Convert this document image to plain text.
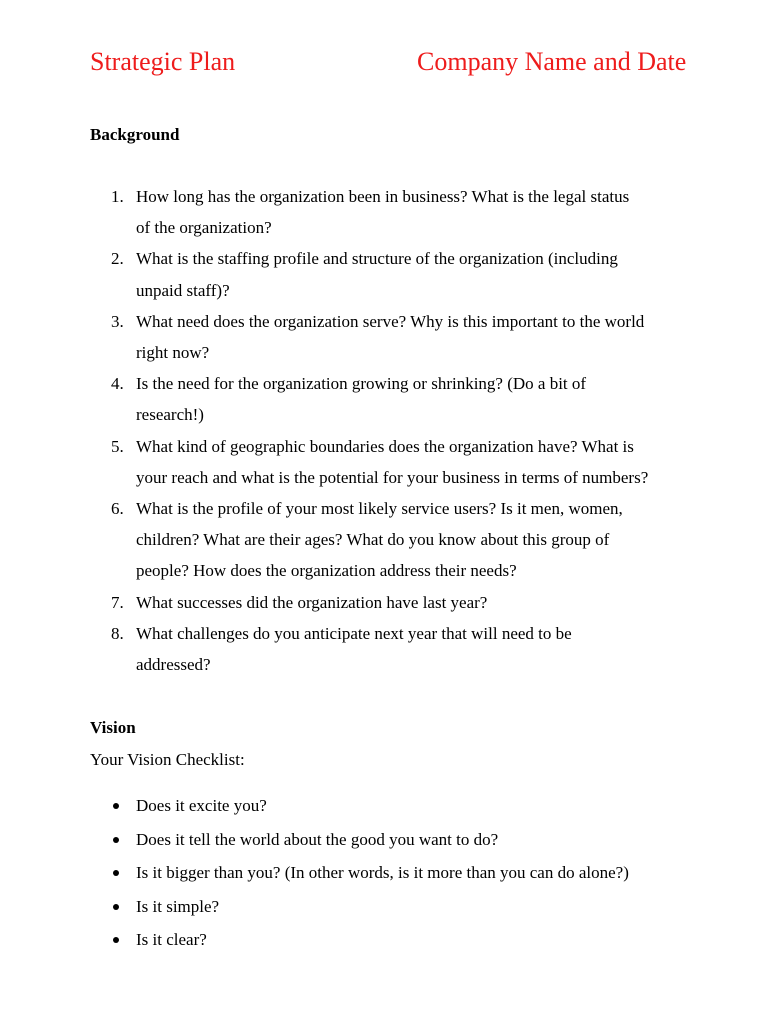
Strategic Plan	Company Name and Date
Background
1. How long has the organization been in business? What is the legal status
of the organization?
2. What is the staffing profile and structure of the organization (including
unpaid staff)?
3. What need does the organization serve? Why is this important to the world
right now?
4. Is the need for the organization growing or shrinking? (Do a bit of
research!)
5. What kind of geographic boundaries does the organization have? What is
your reach and what is the potential for your business in terms of numbers?
6. What is the profile of your most likely service users? Is it men, women,
children? What are their ages? What do you know about this group of
people? How does the organization address their needs?
7. What successes did the organization have last year?
8. What challenges do you anticipate next year that will need to be
addressed?
Vision
Your Vision Checklist:
Does it excite you?
Does it tell the world about the good you want to do?
Is it bigger than you? (In other words, is it more than you can do alone?)
Is it simple?
Is it clear?
